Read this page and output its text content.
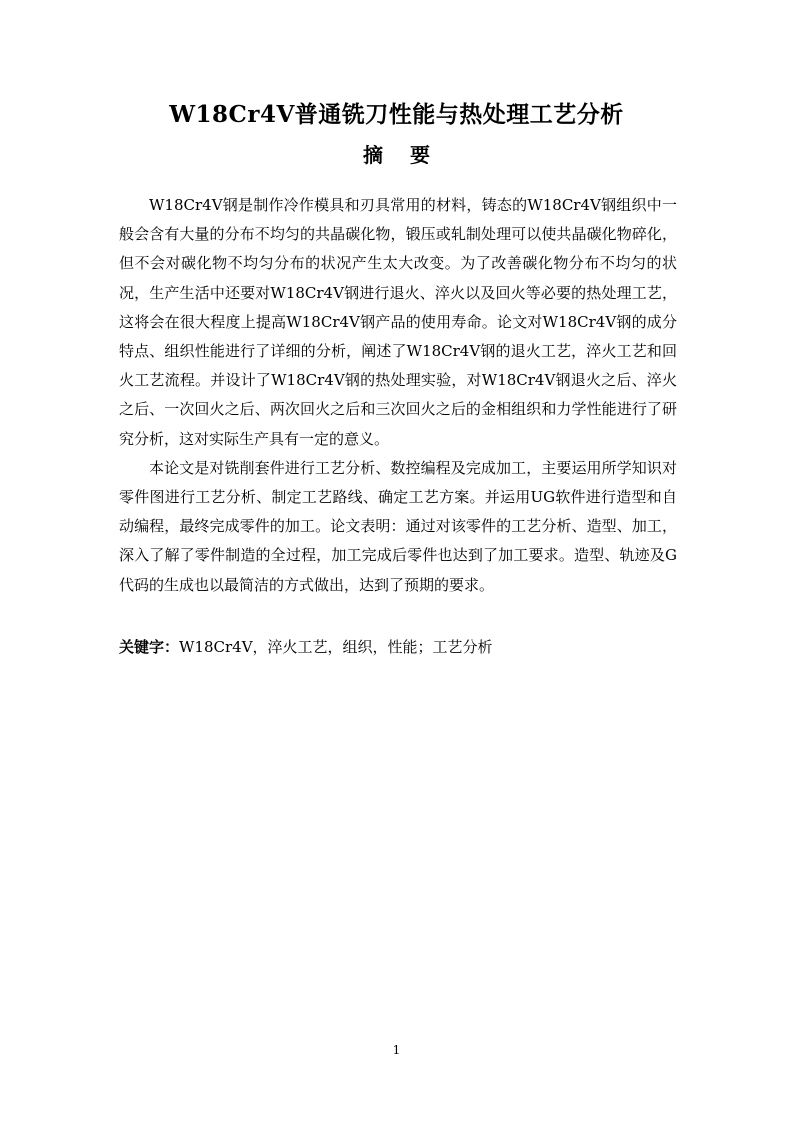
W18Cr4V普通铣刀性能与热处理工艺分析
摘 要

W18Cr4V钢是制作冷作模具和刃具常用的材料，铸态的W18Cr4V钢组织中一般会含有大量的分布不均匀的共晶碳化物，锻压或轧制处理可以使共晶碳化物碎化，但不会对碳化物不均匀分布的状况产生太大改变。为了改善碳化物分布不均匀的状况，生产生活中还要对W18Cr4V钢进行退火、淬火以及回火等必要的热处理工艺，这将会在很大程度上提高W18Cr4V钢产品的使用寿命。论文对W18Cr4V钢的成分特点、组织性能进行了详细的分析，阐述了W18Cr4V钢的退火工艺，淬火工艺和回火工艺流程。并设计了W18Cr4V钢的热处理实验，对W18Cr4V钢退火之后、淬火之后、一次回火之后、两次回火之后和三次回火之后的金相组织和力学性能进行了研究分析，这对实际生产具有一定的意义。

本论文是对铣削套件进行工艺分析、数控编程及完成加工，主要运用所学知识对零件图进行工艺分析、制定工艺路线、确定工艺方案。并运用UG软件进行造型和自动编程，最终完成零件的加工。论文表明：通过对该零件的工艺分析、造型、加工，深入了解了零件制造的全过程，加工完成后零件也达到了加工要求。造型、轨迹及G代码的生成也以最简洁的方式做出，达到了预期的要求。

关键字：W18Cr4V，淬火工艺，组织，性能；工艺分析
1
